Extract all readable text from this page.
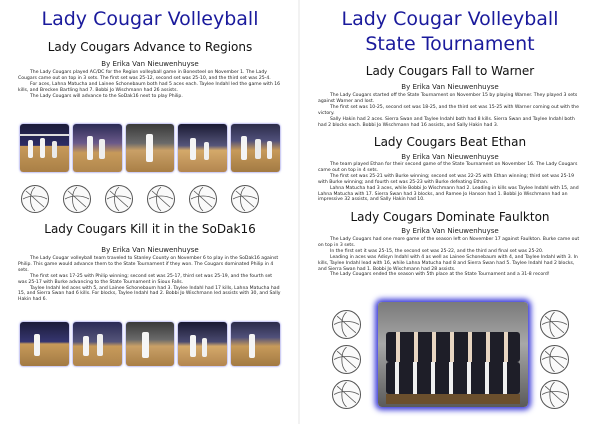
Lady Cougar Volleyball
Lady Cougars Advance to Regions
By Erika Van Nieuwenhuyse

The Lady Cougars played AC/DC for the Region volleyball game in Bonesteel on November 1. The Lady Cougars came out on top in 3 sets. The first set was 25-12, second set was 25-10, and the third set was 25-4.

For aces, Lahna Matucha and Lainee Schonebaum both had 5 aces each. Taylee Indahl led the game with 16 kills, and Brecken Bartling had 7. Bobbi Jo Wischmann had 26 assists.

The Lady Cougars will advance to the SoDak16 next to play Philip.

Lady Cougars Kill it in the SoDak16
By Erika Van Nieuwenhuyse

The Lady Cougar volleyball team traveled to Stanley County on November 6 to play in the SoDak16 against Philip. This game would advance them to the State Tournament if they won. The Cougars dominated Philip in 4 sets.

The first set was 17-25 with Philip winning; second set was 25-17, third set was 25-19, and the fourth set was 25-17 with Burke advancing to the State Tournament in Sioux Falls.

Taylee Indahl led aces with 5, and Lainee Schonebaum had 3. Taylee Indahl had 17 kills, Lahna Matucha had 15, and Sierra Swan had 6 kills. For blocks, Taylee Indahl had 2. Bobbi Jo Wischmann led assists with 30, and Sally Hakin had 6.

Lady Cougar Volleyball
State Tournament
Lady Cougars Fall to Warner
By Erika Van Nieuwenhuyse

The Lady Cougars started off the State Tournament on November 15 by playing Warner. They played 3 sets against Warner and lost.

The first set was 10-25, second set was 18-25, and the third set was 15-25 with Warner coming out with the victory.

Sally Hakin had 2 aces. Sierra Swan and Taylee Indahl both had 8 kills. Sierra Swan and Taylee Indahl both had 2 blocks each. Bobbi Jo Wischmann had 16 assists, and Sally Hakin had 3.

Lady Cougars Beat Ethan
By Erika Van Nieuwenhuyse

The team played Ethan for their second game of the State Tournament on November 16. The Lady Cougars came out on top in 4 sets.

The first set was 25-21 with Burke winning; second set was 22-25 with Ethan winning; third set was 25-19 with Burke winning; and fourth set was 25-23 with Burke defeating Ethan.

Lahna Matucha had 3 aces, while Bobbi Jo Wischmann had 2. Leading in kills was Taylee Indahl with 15, and Lahna Matucha with 17. Sierra Swan had 3 blocks, and Ramee Jo Hanson had 1. Bobbi Jo Wischmann had an impressive 32 assists, and Sally Hakin had 10.

Lady Cougars Dominate Faulkton
By Erika Van Nieuwenhuyse

The Lady Cougars had one more game of the season left on November 17 against Faulkton. Burke came out on top in 3 sets.

In the first set it was 25-15, the second set was 25-22, and the third and final set was 25-20.

Leading in aces was Adisyn Indahl with 4 as well as Lainee Schonebaum with 4, and Taylee Indahl with 3. In kills, Taylee Indahl lead with 16, while Lahna Matucha had 8 and Sierra Swan had 5. Taylee Indahl had 2 blocks, and Sierra Swan had 1. Bobbi Jo Wischmann had 28 assists.

The Lady Cougars ended the season with 5th place at the State Tournament and a 31-8 record!
